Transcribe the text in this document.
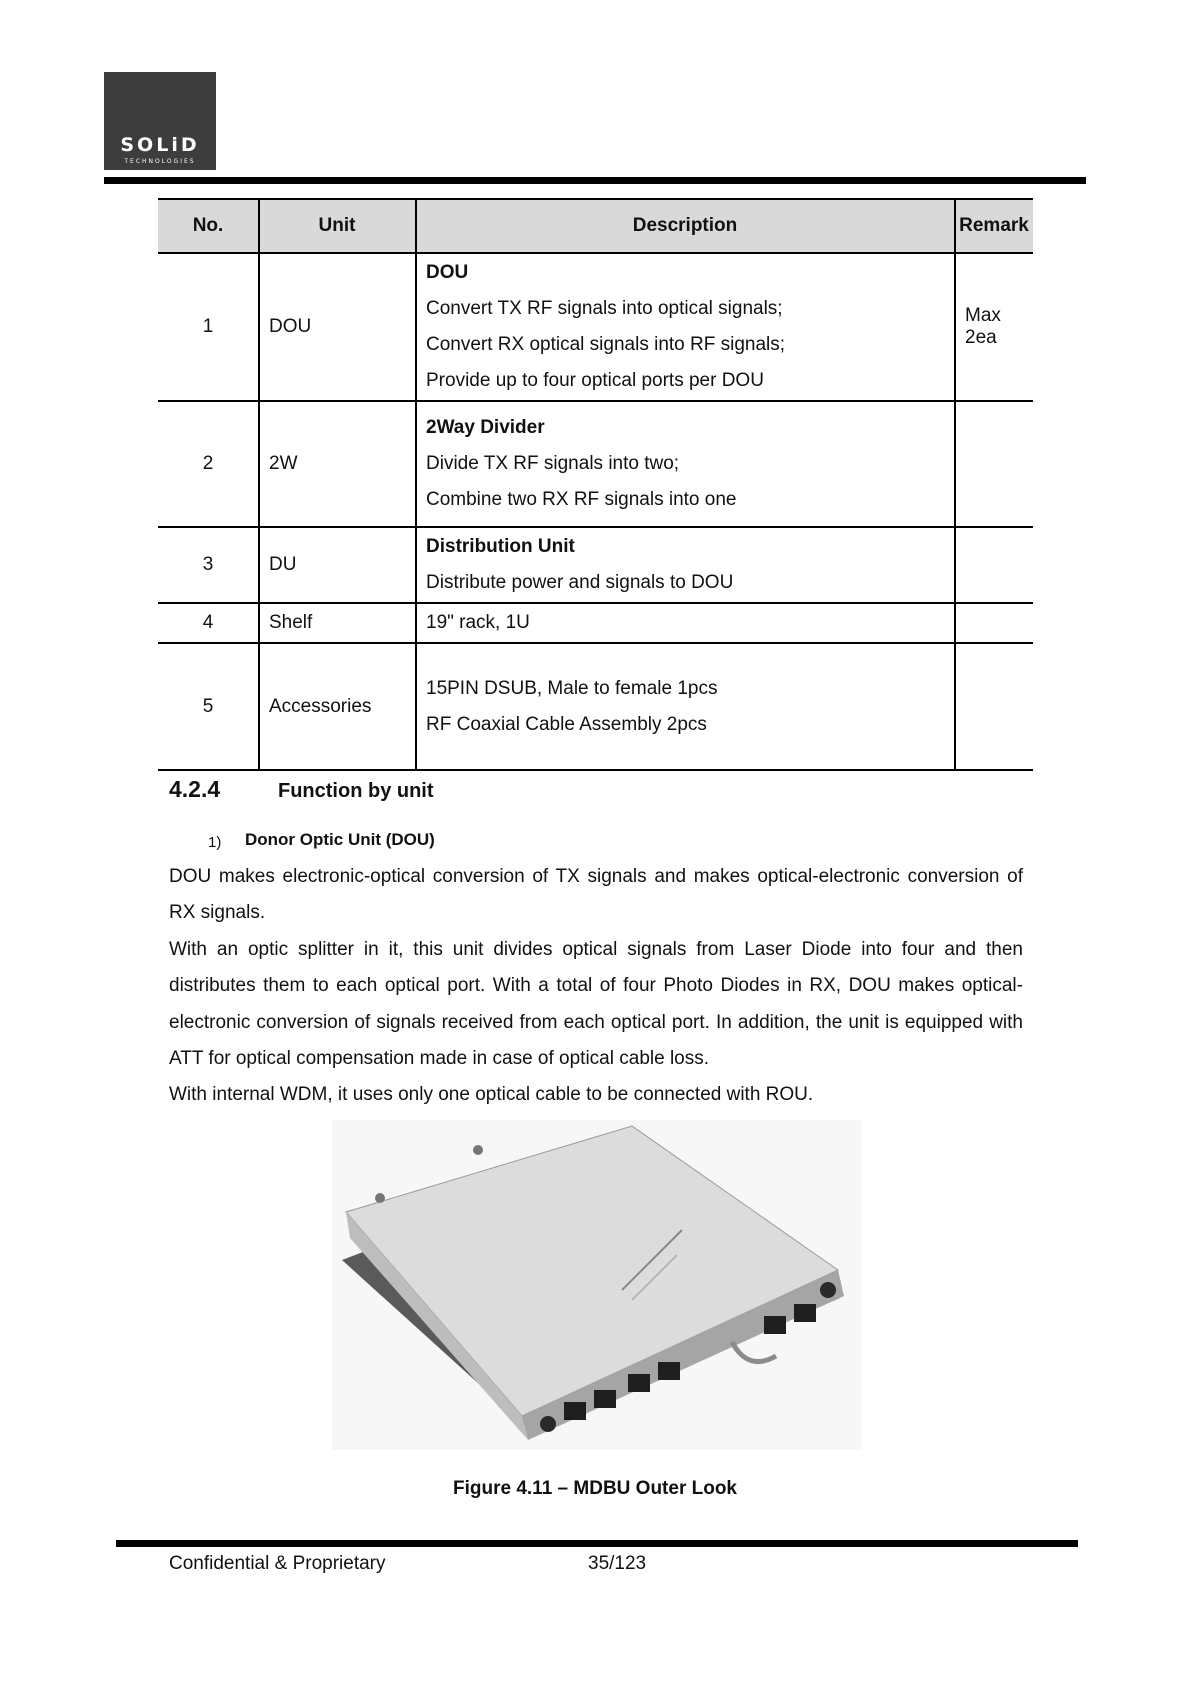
SOLiD
TECHNOLOGIES
No.	Unit	Description	Remark
1	DOU	DOU
Convert TX RF signals into optical signals;
Convert RX optical signals into RF signals;
Provide up to four optical ports per DOU	Max 2ea
2	2W	2Way Divider
Divide TX RF signals into two;
Combine two RX RF signals into one	

3	DU	Distribution Unit
Distribute power and signals to DOU	

4	Shelf	19" rack, 1U	

5	Accessories	15PIN DSUB, Male to female 1pcs
RF Coaxial Cable Assembly 2pcs	

4.2.4	Function by unit
1) Donor Optic Unit (DOU)

DOU makes electronic-optical conversion of TX signals and makes optical-electronic conversion of RX signals.

With an optic splitter in it, this unit divides optical signals from Laser Diode into four and then distributes them to each optical port. With a total of four Photo Diodes in RX, DOU makes optical-electronic conversion of signals received from each optical port. In addition, the unit is equipped with ATT for optical compensation made in case of optical cable loss.

With internal WDM, it uses only one optical cable to be connected with ROU.

Figure 4.11 – MDBU Outer Look
Confidential & Proprietary	35/123
